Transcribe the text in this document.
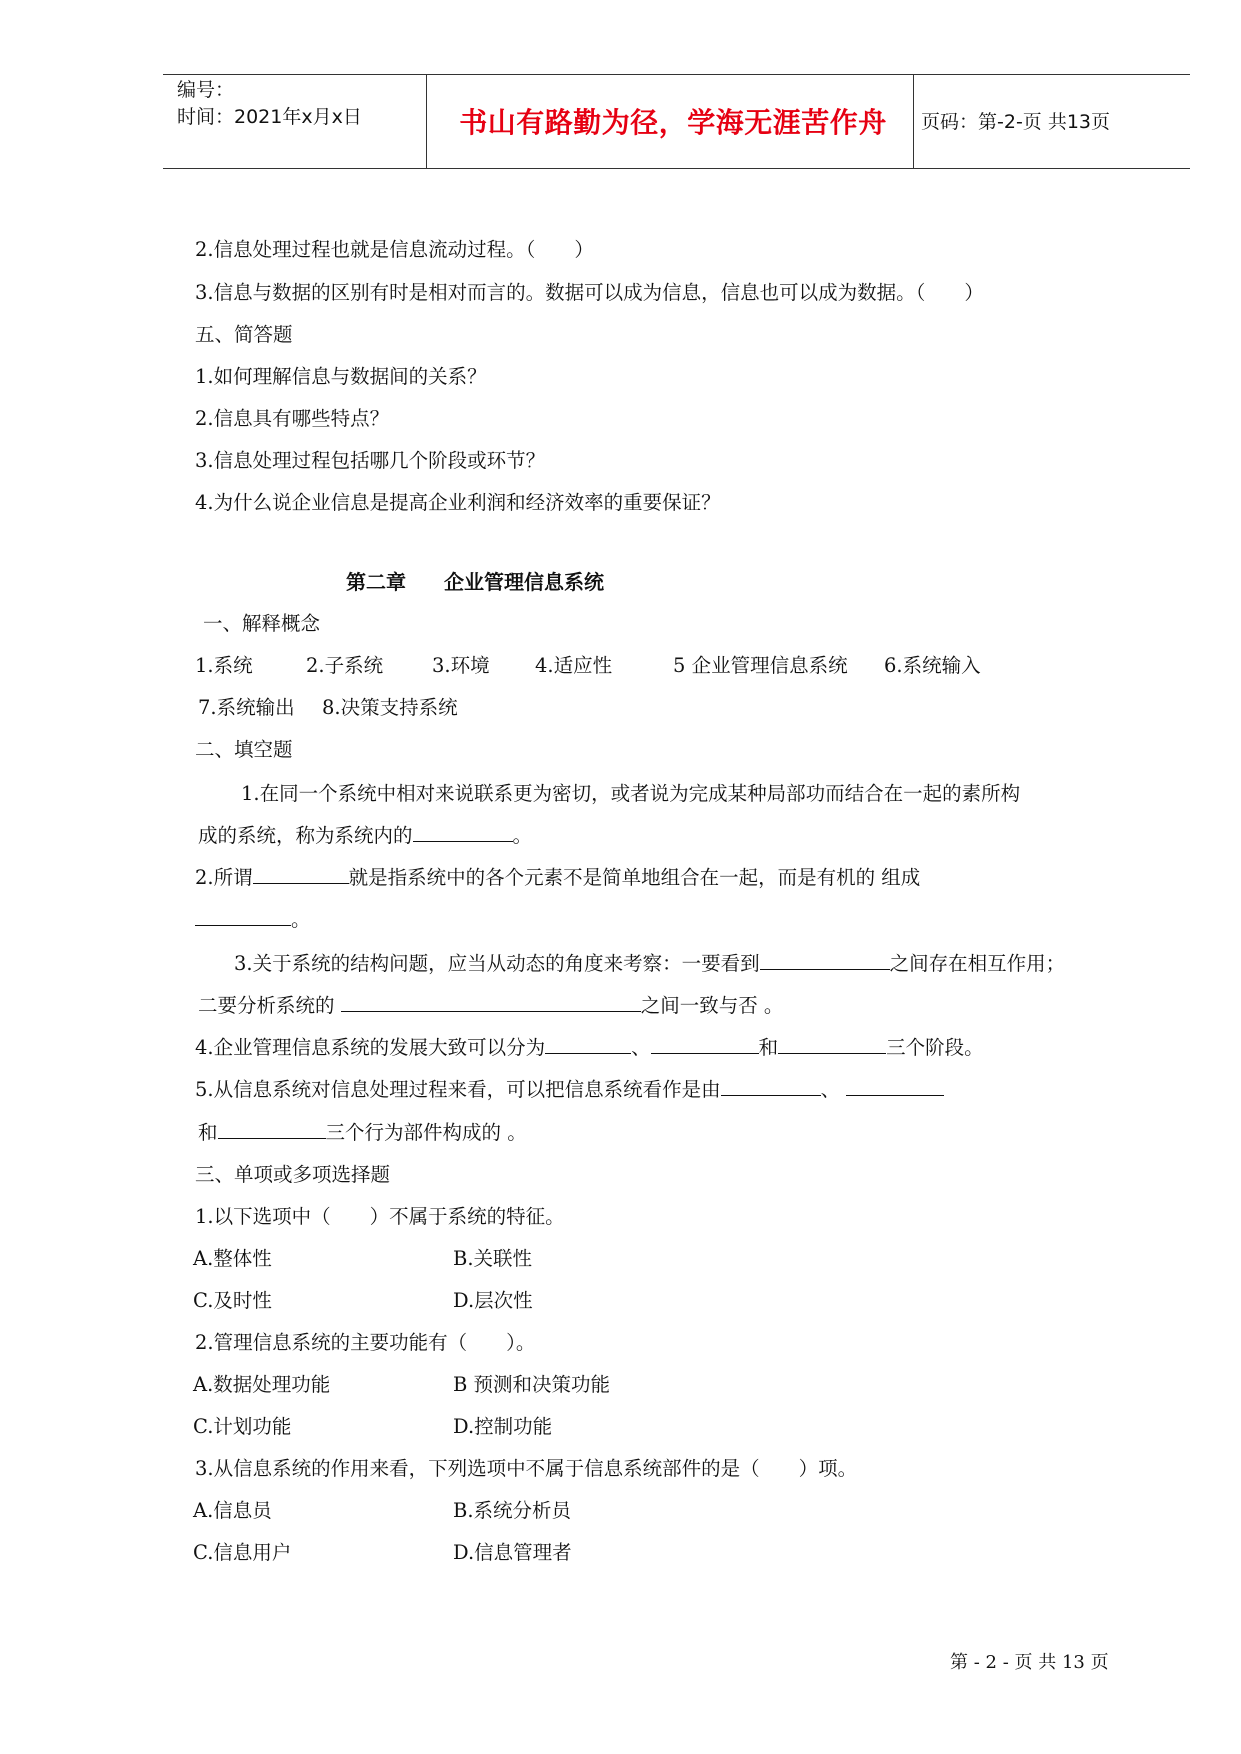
编号：
时间：2021年x月x日	书山有路勤为径，学海无涯苦作舟	页码：第-2-页 共13页
2.信息处理过程也就是信息流动过程。（　　）
3.信息与数据的区别有时是相对而言的。数据可以成为信息，信息也可以成为数据。（　　）
五、简答题
1.如何理解信息与数据间的关系？
2.信息具有哪些特点？
3.信息处理过程包括哪几个阶段或环节？
4.为什么说企业信息是提高企业利润和经济效率的重要保证？
第二章 企业管理信息系统
一、解释概念
1.系统	2.子系统	3.环境 4.适应性	5 企业管理信息系统 6.系统输入
7.系统输出 8.决策支持系统
二、填空题
1.在同一个系统中相对来说联系更为密切，或者说为完成某种局部功而结合在一起的素所构
成的系统，称为系统内的	。
2.所谓	就是指系统中的各个元素不是简单地组合在一起，而是有机的 组成
。
3.关于系统的结构问题，应当从动态的角度来考察：一要看到	之间存在相互作用；
二要分析系统的	之间一致与否 。
4.企业管理信息系统的发展大致可以分为	、	和	三个阶段。
5.从信息系统对信息处理过程来看，可以把信息系统看作是由	、
和	三个行为部件构成的 。
三、单项或多项选择题
1.以下选项中（　　）不属于系统的特征。
A.整体性	B.关联性
C.及时性	D.层次性
2.管理信息系统的主要功能有（　　）。
A.数据处理功能	B 预测和决策功能
C.计划功能	D.控制功能
3.从信息系统的作用来看，下列选项中不属于信息系统部件的是（　　）项。
A.信息员	B.系统分析员
C.信息用户	D.信息管理者
第 - 2 - 页 共 13 页
